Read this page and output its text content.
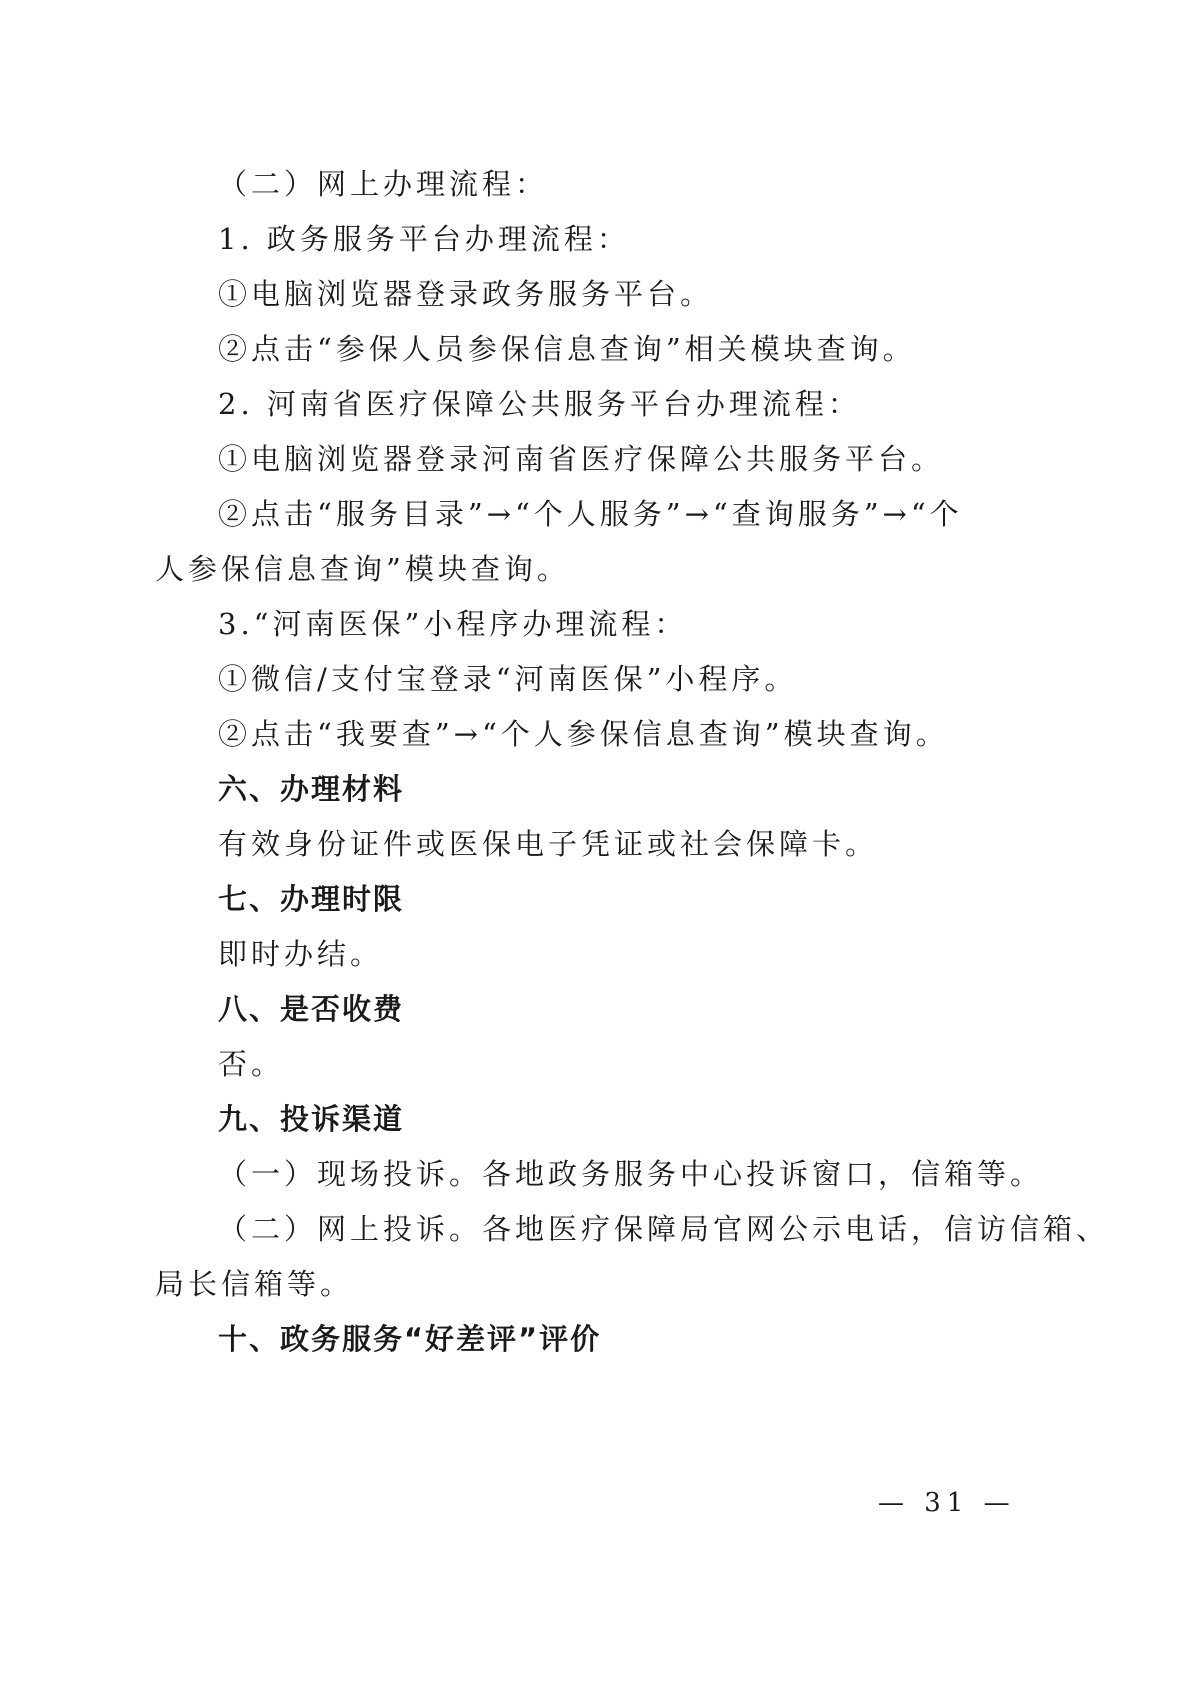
（二）网上办理流程：
1. 政务服务平台办理流程：
①电脑浏览器登录政务服务平台。
②点击“参保人员参保信息查询”相关模块查询。
2. 河南省医疗保障公共服务平台办理流程：
①电脑浏览器登录河南省医疗保障公共服务平台。
②点击“服务目录”→“个人服务”→“查询服务”→“个
人参保信息查询”模块查询。
3.“河南医保”小程序办理流程：
①微信/支付宝登录“河南医保”小程序。
②点击“我要查”→“个人参保信息查询”模块查询。
六、办理材料
有效身份证件或医保电子凭证或社会保障卡。
七、办理时限
即时办结。
八、是否收费
否。
九、投诉渠道
（一）现场投诉。各地政务服务中心投诉窗口，信箱等。
（二）网上投诉。各地医疗保障局官网公示电话，信访信箱、
局长信箱等。
十、政务服务“好差评”评价
— 31 —
